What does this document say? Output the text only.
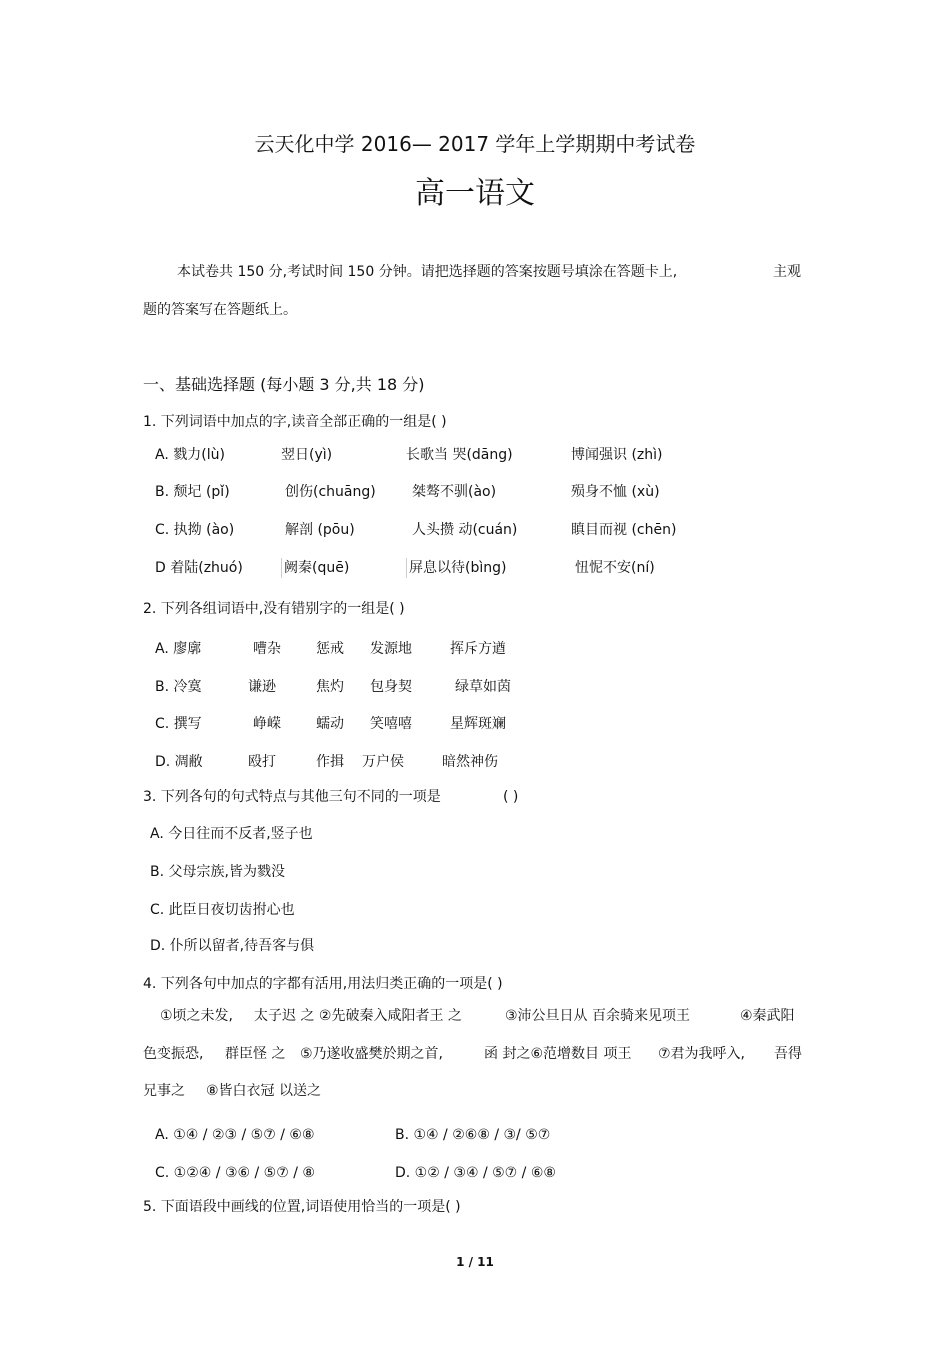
云天化中学 2016— 2017 学年上学期期中考试卷
高一语文
本试卷共 150 分,考试时间 150 分钟。请把选择题的答案按题号填涂在答题卡上,	主观
题的答案写在答题纸上。
一、基础选择题 (每小题 3 分,共 18 分)
1. 下列词语中加点的字,读音全部正确的一组是( )
A. 戮力(lù)	翌日(yì)	长歌当 哭(dāng)	博闻强识 (zhì)
B. 颓圮 (pǐ)	创伤(chuāng)	桀骜不驯(ào)	殒身不恤 (xù)
C. 执拗 (ào)	解剖 (pōu)	人头攒 动(cuán)	瞋目而视 (chēn)
D 着陆(zhuó)	阙秦(quē)	屏息以待(bìng)	忸怩不安(ní)
2. 下列各组词语中,没有错别字的一组是( )
A. 廖廓	嘈杂	惩戒 发源地	挥斥方遒
B. 冷寞	谦逊	焦灼 包身契	绿草如茵
C. 撰写	峥嵘	蠕动 笑嘻嘻	星辉斑斓
D. 凋敝	殴打	作揖 万户侯	暗然神伤
3. 下列各句的句式特点与其他三句不同的一项是	( )
A. 今日往而不反者,竖子也
B. 父母宗族,皆为戮没
C. 此臣日夜切齿拊心也
D. 仆所以留者,待吾客与俱
4. 下列各句中加点的字都有活用,用法归类正确的一项是( )
①顷之未发, 太子迟 之 ②先破秦入咸阳者王 之	③沛公旦日从 百余骑来见项王	④秦武阳
色变振恐, 群臣怪 之 ⑤乃遂收盛樊於期之首,	函 封之⑥范增数目 项王 ⑦君为我呼入, 吾得
兄事之 ⑧皆白衣冠 以送之
A. ①④ / ②③ / ⑤⑦ / ⑥⑧	B. ①④ / ②⑥⑧ / ③/ ⑤⑦
C. ①②④ / ③⑥ / ⑤⑦ / ⑧	D. ①② / ③④ / ⑤⑦ / ⑥⑧
5. 下面语段中画线的位置,词语使用恰当的一项是( )
1 / 11
